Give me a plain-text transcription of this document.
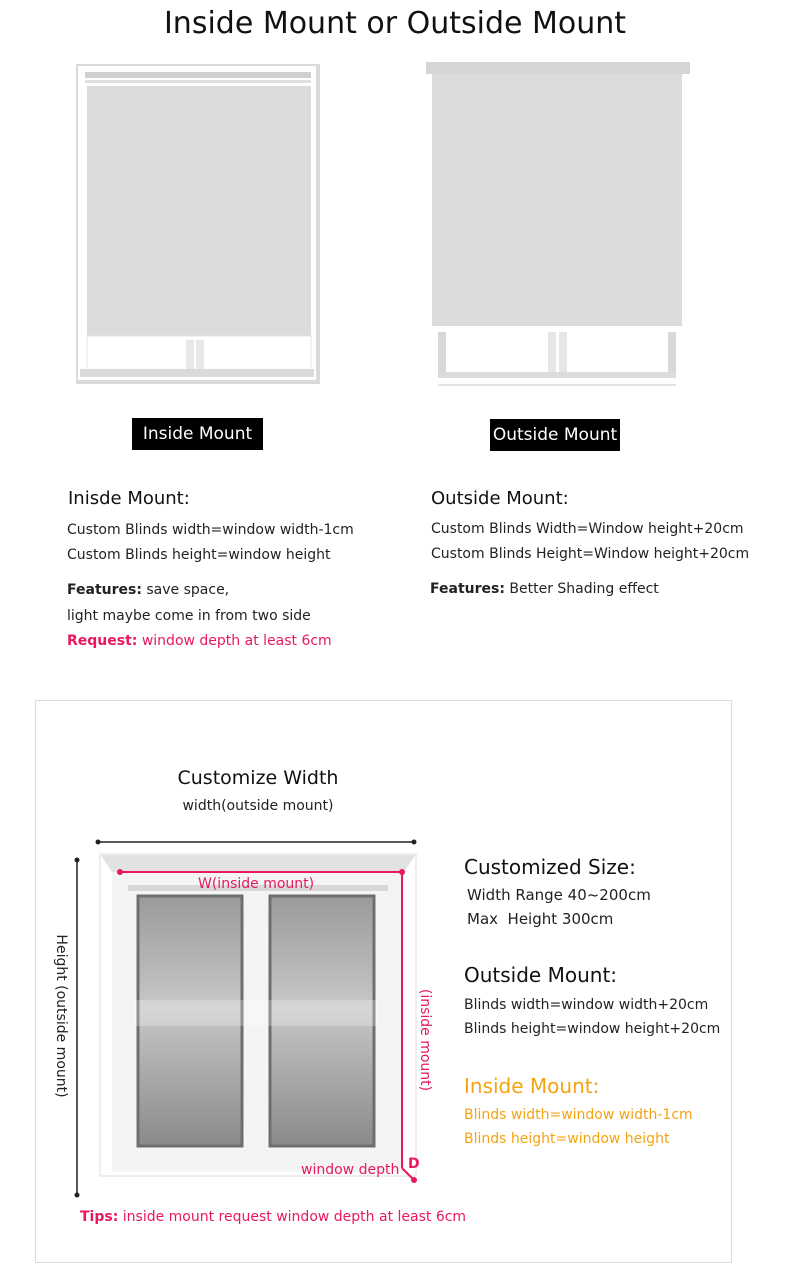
Inside Mount or Outside Mount
Inside Mount	Outside Mount
Inisde Mount:
Custom Blinds width=window width-1cm
Custom Blinds height=window height
Features: save space,
light maybe come in from two side
Request: window depth at least 6cm
Outside Mount:
Custom Blinds Width=Window height+20cm
Custom Blinds Height=Window height+20cm
Features: Better Shading effect
Customize Width
width(outside mount)
W(inside mount)
Height (outside mount)	(inside mount)
window depth D
Tips: inside mount request window depth at least 6cm
Customized Size:
Width Range 40~200cm
Max  Height 300cm
Outside Mount:
Blinds width=window width+20cm
Blinds height=window height+20cm
Inside Mount:
Blinds width=window width-1cm
Blinds height=window height
